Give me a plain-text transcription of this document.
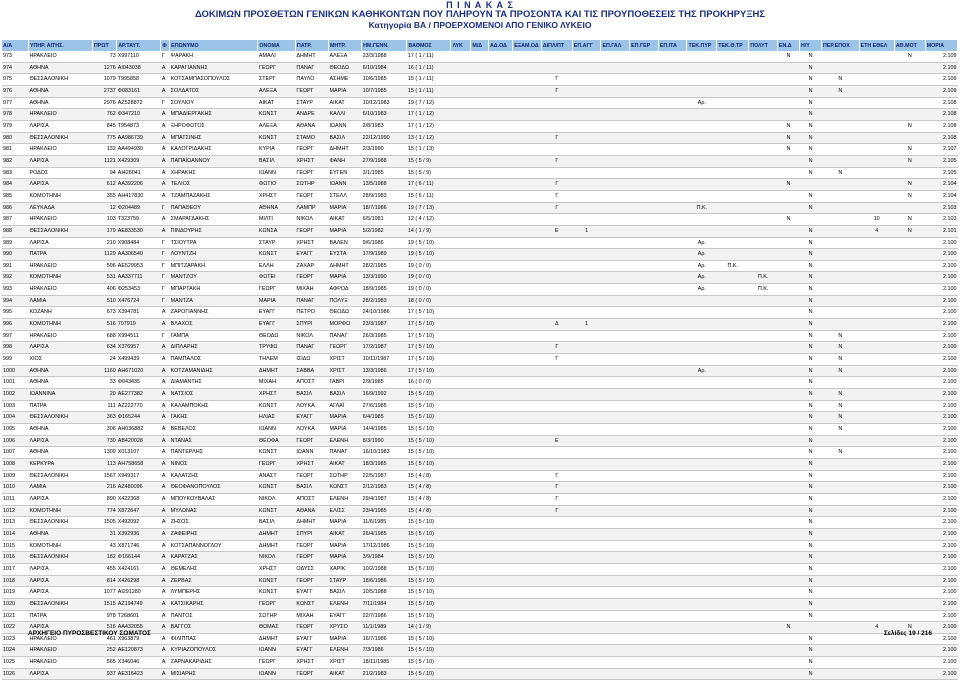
Π Ι Ν Α Κ Α Σ
ΔΟΚΙΜΩΝ ΠΡΟΣΘΕΤΩΝ ΓΕΝΙΚΩΝ ΚΑΘΗΚΟΝΤΩΝ ΠΟΥ ΠΛΗΡΟΥΝ ΤΑ ΠΡΟΣΟΝΤΑ ΚΑΙ ΤΙΣ ΠΡΟΥΠΟΘΕΣΕΙΣ ΤΗΣ ΠΡΟΚΗΡΥΞΗΣ
Κατηγορία ΒΑ / ΠΡΟΕΡΧΟΜΕΝΟΙ ΑΠΟ ΓΕΝΙΚΟ ΛΥΚΕΙΟ
Α/Α	ΥΠΗΡ. ΑΙΤΗΣ.	ΠΡΩΤ	ΑΡ.ΤΑΥΤ.	Φ	ΕΠΩΝΥΜΟ	ΟΝΟΜΑ	ΠΑΤΡ.	ΜΗΤΡ.	ΗΜ.ΓΕΝΝ.	ΒΑΘΜΟΣ	ΛΥΚ	Μ/Δ	ΑΔ.ΟΔ	ΕΞΑΜ.ΟΔ	ΔΙΠΛ/ΠΤ	ΕΠ.ΑΓΓ	ΕΠ.ΓΑΛ	ΕΠ.ΓΕΡ	ΕΠ.ΙΤΑ	ΤΕΚ.ΠΥΡ	ΤΕΚ.Θ.ΤΡ	ΠΟΛΥΤ	ΕΝ.Δ	Η/Υ	ΠΕΡ.ΕΠΟΧ	ΕΤΗ ΕΘΕΛ	ΑΘ.ΜΟΤ	ΜΟΡΙΑ
973	ΗΡΑΚΛΕΙΟ	73	Χ997110	Γ	ΨΑΡΑΚΗ	ΑΜΑΛΙ	ΔΗΜΗΤ	ΑΛΕΞΑ	23/3/1988	17 ( 1 / 11)													Ν	Ν			Ν	2.109
974	ΑΘΗΝΑ	1276	ΑΙ043038	Α	ΚΑΡΑΓΙΑΝΝΗΣ	ΓΕΩΡΓ	ΠΑΝΑΓ	ΘΕΟΔΩ	6/10/1984	16 ( 1 / 11)														Ν				2.109
975	ΘΕΣΣΑΛΟΝΙΚΗ	1079	Τ995858	Α	ΚΟΤΣΑΜΠΑΣΟΠΟΥΛΟΣ	ΣΤΕΡΓ	ΠΑΥΛΟ	ΑΣΗΜΕ	10/6/1985	15 ( 1 / 11)					Γ									Ν	Ν			2.109
976	ΑΘΗΝΑ	2737	Φ083161	Α	ΣΟΛΔΑΤΟΣ	ΑΛΕΞΑ	ΓΕΩΡΓ	ΜΑΡΙΑ	10/7/1985	15 ( 1 / 11)					Γ									Ν	Ν			2.109
977	ΑΘΗΝΑ	2976	ΑΖ528872	Γ	ΣΟΥΛΙΟΥ	ΑΙΚΑΤ	ΣΤΑΥΡ	ΑΙΚΑΤ	10/12/1983	19 ( 7 / 12)										Αρ.				Ν				2.108
978	ΗΡΑΚΛΕΙΟ	762	Φ347210	Α	ΜΠΑΔΙΕΡΓΑΚΗΣ	ΚΩΝΣΤ	ΑΝΔΡΕ	ΚΑΛΛΙ	6/10/1983	17 ( 1 / 12)														Ν				2.108
979	ΛΑΡΙΣΑ	845	Τ954873	Α	ΞΗΡΟΦΩΤΟΣ	ΑΛΕΞΑ	ΑΘΑΝΑ	ΙΩΑΝΝ	2/8/1983	17 ( 1 / 12)													Ν	Ν			Ν	2.108
980	ΘΕΣΣΑΛΟΝΙΚΗ	775	ΑΑ986739	Α	ΜΠΑΤΣΙΝΗΣ	ΚΩΝΣΤ	ΣΤΑΜΟ	ΒΑΣΙΛ	22/12/1990	13 ( 1 / 12)					Γ								Ν	Ν				2.108
981	ΗΡΑΚΛΕΙΟ	132	ΑΑ494930	Α	ΚΑΛΟΓΡΙΔΑΚΗΣ	ΚΥΡΙΑ	ΓΕΩΡΓ	ΔΗΜΗΤ	2/3/1990	15 ( 1 / 13)													Ν	Ν			Ν	2.107
982	ΛΑΡΙΣΑ	1121	Χ429309	Α	ΠΑΠΑΪΩΑΝΝΟΥ	ΒΑΣΙΛ	ΧΡΗΣΤ	ΦΑΝΗ	27/9/1988	15 ( 5 / 9)					Γ									Ν			Ν	2.105
983	ΡΟΔΟΣ	94	ΑΙ426041	Α	ΧΗΡΑΚΗΣ	ΙΩΑΝΝ	ΓΕΩΡΓ	ΕΥΓΕΝ	3/1/1985	15 ( 5 / 9)														Ν	Ν			2.105
984	ΛΑΡΙΣΑ	612	ΑΑ392206	Α	ΤΕΛΙΟΣ	ΦΩΤΙΟ	ΣΩΤΗΡ	ΙΩΑΝΝ	13/5/1988	17 ( 6 / 11)					Γ								Ν				Ν	2.104
985	ΚΟΜΟΤΗΝΗ	355	ΑΗ417830	Α	ΤΖΑΜΠΑΖΑΚΗΣ	ΧΡΗΣΤ	ΓΕΩΡΓ	ΣΤΕΛΛ	28/9/1983	15 ( 6 / 11)					Γ									Ν			Ν	2.104
986	ΛΕΥΚΑΔΑ	12	Φ204489	Γ	ΠΑΠΑΘΕΟΥ	ΑΘΗΝΑ	ΛΑΜΠΡ	ΜΑΡΙΑ	18/7/1986	19 ( 7 / 13)					Γ					Π.Κ.				Ν				2.103
987	ΗΡΑΚΛΕΙΟ	103	Τ323759	Α	ΣΜΑΡΑΓΔΑΚΗΣ	ΜΙΛΤΙ	ΝΙΚΟΛ	ΑΙΚΑΤ	6/5/1981	12 ( 4 / 12)													Ν			10	Ν	2.103
988	ΘΕΣΣΑΛΟΝΙΚΗ	179	ΑΕ833530	Α	ΠΙΝΔΟΥΡΗΣ	ΚΩΝΣΑ	ΓΕΩΡΓ	ΜΑΡΙΑ	5/2/1982	14 ( 1 / 9)					Ε	1								Ν		4	Ν	2.101
989	ΛΑΡΙΣΑ	210	Χ908484	Γ	ΤΣΙΟΥΤΡΑ	ΣΤΑΥΡ	ΧΡΗΣΤ	ΒΑΛΕΝ	9/6/1986	19 ( 5 / 10)										Αρ.				Ν				2.100
990	ΠΑΤΡΑ	1129	ΑΑ306540	Γ	ΛΟΥΝΤΖΗ	ΚΩΝΣΤ	ΕΥΑΓΓ	ΕΥΣΤΑ	17/9/1989	19 ( 5 / 10)										Αρ.				Ν				2.100
991	ΗΡΑΚΛΕΙΟ	596	ΑΕ529953	Γ	ΜΠΙΤΖΑΡΑΚΗ	ΕΛΛΗ	ΖΑΧΑΡ	ΔΗΜΗΤ	28/2/1985	19 ( 0 / 0)										Αρ.	Π.Κ.			Ν				2.100
992	ΚΟΜΟΤΗΝΗ	531	ΑΑ337711	Γ	ΜΑΝΤΖΟΥ	ΦΩΤΕΙ	ΓΕΩΡΓ	ΜΑΡΙΑ	13/3/1990	19 ( 0 / 0)										Αρ.		Π.Κ.		Ν				2.100
993	ΗΡΑΚΛΕΙΟ	406	Φ253453	Γ	ΜΠΑΡΤΑΚΗ	ΓΕΩΡΓ	ΜΙΧΑΗ	ΑΦΡΟΔ	18/9/1985	19 ( 0 / 0)										Αρ.		Π.Κ.		Ν				2.100
994	ΛΑΜΙΑ	510	Χ476724	Γ	ΜΑΝΤΖΑ	ΜΑΡΙΑ	ΠΑΝΑΓ	ΠΟΛΥΞ	28/2/1983	18 ( 0 / 0)														Ν				2.100
995	ΚΟΖΑΝΗ	673	Χ394781	Α	ΖΑΡΟΓΙΑΝΝΗΣ	ΕΥΑΓΓ	ΠΕΤΡΟ	ΘΕΟΔΩ	24/10/1986	17 ( 5 / 10)														Ν				2.100
996	ΚΟΜΟΤΗΝΗ	516	707919	Α	ΒΛΑΧΟΣ	ΕΥΑΓΓ	ΣΠΥΡΙ	ΜΟΡΦΩ	23/3/1987	17 ( 5 / 10)					Δ	1								Ν				2.100
997	ΗΡΑΚΛΕΙΟ	688	Χ994511	Γ	ΓΑΜΠΑ	ΘΕΟΔΩ	ΝΙΚΟΛ	ΠΑΝΑΓ	26/3/1985	17 ( 5 / 10)														Ν	Ν			2.100
998	ΛΑΡΙΣΑ	634	Χ376957	Α	ΔΙΠΛΑΡΗΣ	ΤΡΥΦΩ	ΠΑΝΑΓ	ΓΕΩΡΓ	17/2/1987	17 ( 5 / 10)					Γ									Ν	Ν			2.100
999	ΧΙΟΣ	24	Χ499439	Α	ΠΑΜΠΑΛΟΣ	ΤΗΛΕΜ	ΙΣΙΔΩ	ΧΡΙΣΤ	10/11/1987	17 ( 5 / 10)					Γ									Ν	Ν			2.100
1000	ΑΘΗΝΑ	1160	ΑΗ671020	Α	ΚΟΤΖΑΜΑΝΙΔΗΣ	ΔΗΜΗΤ	ΣΑΒΒΑ	ΧΡΙΣΤ	13/3/1986	17 ( 5 / 10)										Αρ.				Ν	Ν			2.100
1001	ΑΘΗΝΑ	33	Φ043435	Α	ΔΙΑΜΑΝΤΗΣ	ΜΙΧΑΗ	ΑΠΟΣΤ	ΓΑΒΡΙ	2/9/1985	16 ( 0 / 0)														Ν				2.100
1002	ΙΩΑΝΝΙΝΑ	20	ΑΕ277382	Α	ΝΑΤΣΙΟΣ	ΧΡΗΣΤ	ΒΑΣΙΛ	ΒΑΣΙΛ	16/9/1992	15 ( 5 / 10)														Ν	Ν			2.100
1003	ΠΑΤΡΑ	111	ΑΖ222770	Α	ΚΑΛΑΜΠΟΚΗΣ	ΚΩΝΣΤ	ΛΟΥΚΑ	ΑΓΛΑΪ	27/6/1985	15 ( 5 / 10)														Ν	Ν			2.100
1004	ΘΕΣΣΑΛΟΝΙΚΗ	363	Φ165244	Α	ΓΑΚΗΣ	ΗΛΙΑΣ	ΕΥΑΓΓ	ΜΑΡΙΑ	6/4/1985	15 ( 5 / 10)														Ν	Ν			2.100
1005	ΑΘΗΝΑ	306	ΑΗ036882	Α	ΒΕΒΕΛΟΣ	ΙΩΑΝΝ	ΛΟΥΚΑ	ΜΑΡΙΑ	14/4/1985	15 ( 5 / 10)														Ν	Ν			2.100
1006	ΛΑΡΙΣΑ	730	ΑΒ420028	Α	ΝΤΑΝΑΣ	ΘΕΟΦΑ	ΓΕΩΡΓ	ΕΛΕΝΗ	8/3/1990	15 ( 5 / 10)					Ε									Ν				2.100
1007	ΑΘΗΝΑ	1309	Χ013107	Α	ΠΑΝΤΕΡΛΗΣ	ΚΩΝΣΤ	ΙΩΑΝΝ	ΠΑΝΑΓ	16/10/1983	15 ( 5 / 10)														Ν	Ν			2.100
1008	ΚΕΡΚΥΡΑ	113	ΑΗ758658	Α	ΝΙΝΟΣ	ΓΕΩΡΓ	ΧΡΗΣΤ	ΑΙΚΑΤ	18/3/1985	15 ( 5 / 10)														Ν				2.100
1009	ΘΕΣΣΑΛΟΝΙΚΗ	1567	Χ949317	Α	ΚΑΛΑΤΖΗΣ	ΑΝΑΣΤ	ΓΕΩΡΓ	ΣΩΤΗΡ	22/5/1987	15 ( 4 / 8)					Γ									Ν				2.100
1010	ΛΑΜΙΑ	216	ΑΖ480096	Α	ΘΕΟΦΑΝΟΠΟΥΛΟΣ	ΚΩΝΣΤ	ΒΑΣΙΛ	ΚΩΝΣΤ	2/12/1983	15 ( 4 / 8)					Γ									Ν				2.100
1011	ΛΑΡΙΣΑ	890	Χ422368	Α	ΜΠΟΥΚΟΥΒΑΛΑΣ	ΝΙΚΟΛ	ΑΠΟΣΤ	ΕΛΕΝΗ	29/4/1987	15 ( 4 / 8)					Γ									Ν				2.100
1012	ΚΟΜΟΤΗΝΗ	774	Χ872647	Α	ΜΥΛΩΝΑΣ	ΚΩΝΣΤ	ΑΘΑΝΑ	ΕΛΙΣΣ	23/4/1985	15 ( 4 / 8)					Γ									Ν				2.100
1013	ΘΕΣΣΑΛΟΝΙΚΗ	1505	Χ492092	Α	ΖΗΣΟΣ	ΒΑΣΙΛ	ΔΗΜΗΤ	ΜΑΡΙΑ	11/6/1985	15 ( 5 / 10)														Ν				2.100
1014	ΑΘΗΝΑ	31	Χ392936	Α	ΖΑΦΕΙΡΗΣ	ΔΗΜΗΤ	ΣΠΥΡΙ	ΑΙΚΑΤ	26/4/1985	15 ( 5 / 10)														Ν				2.100
1015	ΚΟΜΟΤΗΝΗ	43	Χ871746	Α	ΚΟΤΣΑΠΑΝΝΟΓΛΟΥ	ΔΗΜΗΤ	ΓΕΩΡΓ	ΜΑΡΙΑ	17/12/1986	15 ( 5 / 10)														Ν				2.100
1016	ΘΕΣΣΑΛΟΝΙΚΗ	182	Φ166144	Α	ΚΑΡΑΤΖΑΣ	ΝΙΚΟΛ	ΓΕΩΡΓ	ΜΑΡΙΑ	3/9/1984	15 ( 5 / 10)														Ν				2.100
1017	ΛΑΡΙΣΑ	455	Χ424161	Α	ΘΕΜΕΛΗΣ	ΧΡΗΣΤ	ΟΔΥΣΣ	ΧΑΡΙΚ	10/2/1988	15 ( 5 / 10)														Ν				2.100
1018	ΛΑΡΙΣΑ	814	Χ426298	Α	ΖΕΡΒΑΣ	ΚΩΝΣΤ	ΓΕΩΡΓ	ΣΤΑΥΡ	18/6/1986	15 ( 5 / 10)														Ν				2.100
1019	ΛΑΡΙΣΑ	1077	ΑΙ291280	Α	ΛΥΜΠΕΡΗΣ	ΚΩΝΣΤ	ΕΥΑΓΓ	ΒΑΣΙΛ	10/5/1988	15 ( 5 / 10)														Ν				2.100
1020	ΘΕΣΣΑΛΟΝΙΚΗ	1515	ΑΖ194749	Α	ΚΑΤΣΙΚΑΡΗΣ	ΓΕΩΡΓ	ΚΩΝΣΤ	ΕΛΕΝΗ	7/11/1984	15 ( 5 / 10)														Ν				2.100
1021	ΠΑΤΡΑ	978	Τ268601	Α	ΠΑΝΤΟΣ	ΣΩΤΗΡ	ΜΙΧΑΗ	ΕΥΑΓΓ	22/7/1986	15 ( 5 / 10)														Ν				2.100
1022	ΛΑΡΙΣΑ	516	ΑΑ432055	Α	ΒΑΓΓΟΣ	ΘΩΜΑΣ	ΓΕΩΡΓ	ΧΡΥΣΟ	11/1/1989	14 ( 1 / 9)													Ν			4	Ν	2.100
1023	ΗΡΑΚΛΕΙΟ	461	Χ963879	Α	ΦΙΛΙΠΠΑΣ	ΔΗΜΗΤ	ΕΥΑΓΓ	ΜΑΡΙΑ	16/7/1986	15 ( 5 / 10)														Ν				2.100
1024	ΗΡΑΚΛΕΙΟ	252	ΑΕ120873	Α	ΚΥΡΙΑΖΟΠΟΥΛΟΣ	ΙΩΑΝΝ	ΕΥΑΓΓ	ΕΛΕΝΗ	7/3/1986	15 ( 5 / 10)														Ν				2.100
1025	ΗΡΑΚΛΕΙΟ	565	Χ346046	Α	ΖΑΡΝΑΚΑΡΙΔΗΣ	ΓΕΩΡΓ	ΧΡΗΣΤ	ΧΡΙΣΤ	18/11/1985	15 ( 5 / 10)														Ν				2.100
1026	ΛΑΡΙΣΑ	937	ΑΕ316423	Α	ΜΙΣΙΑΡΗΣ	ΙΩΑΝΝ	ΓΕΩΡΓ	ΑΙΚΑΤ	21/2/1983	15 ( 5 / 10)														Ν				2.100
ΑΡΧΗΓΕΙΟ ΠΥΡΟΣΒΕΣΤΙΚΟΥ ΣΩΜΑΤΟΣ	Σελίδες 19 / 216
